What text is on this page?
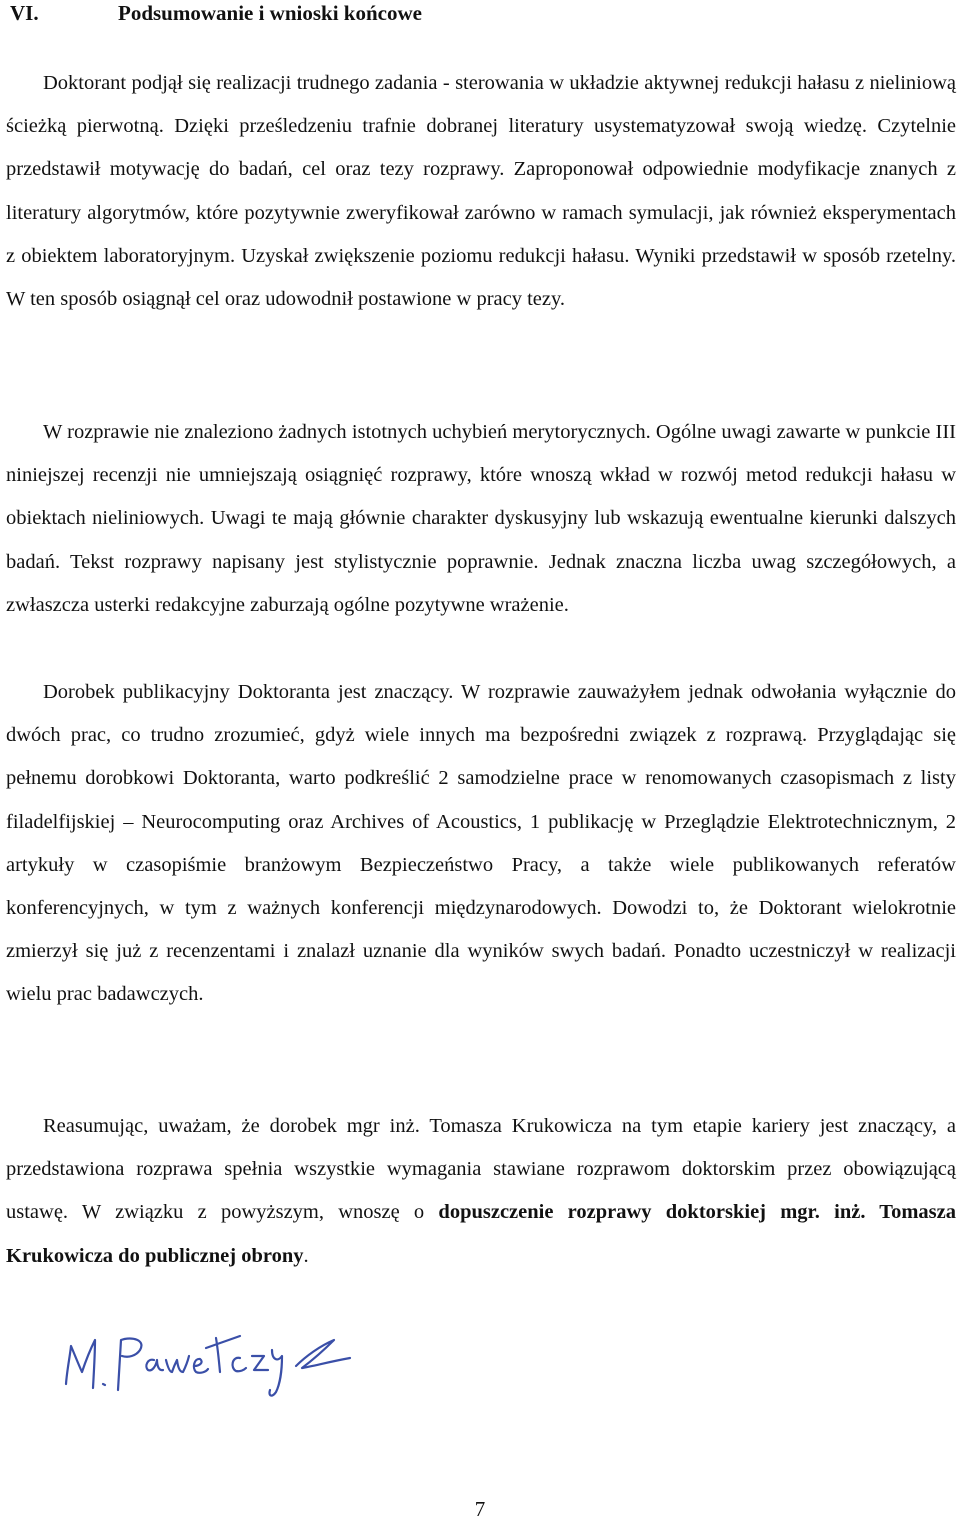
VI.	Podsumowanie i wnioski końcowe

Doktorant podjął się realizacji trudnego zadania - sterowania w układzie aktywnej redukcji hałasu z nieliniową ścieżką pierwotną. Dzięki prześledzeniu trafnie dobranej literatury usystematyzował swoją wiedzę. Czytelnie przedstawił motywację do badań, cel oraz tezy rozprawy. Zaproponował odpowiednie modyfikacje znanych z literatury algorytmów, które pozytywnie zweryfikował zarówno w ramach symulacji, jak również eksperymentach z obiektem laboratoryjnym. Uzyskał zwiększenie poziomu redukcji hałasu. Wyniki przedstawił w sposób rzetelny. W ten sposób osiągnął cel oraz udowodnił postawione w pracy tezy.

W rozprawie nie znaleziono żadnych istotnych uchybień merytorycznych. Ogólne uwagi zawarte w punkcie III niniejszej recenzji nie umniejszają osiągnięć rozprawy, które wnoszą wkład w rozwój metod redukcji hałasu w obiektach nieliniowych. Uwagi te mają głównie charakter dyskusyjny lub wskazują ewentualne kierunki dalszych badań. Tekst rozprawy napisany jest stylistycznie poprawnie. Jednak znaczna liczba uwag szczegółowych, a zwłaszcza usterki redakcyjne zaburzają ogólne pozytywne wrażenie.

Dorobek publikacyjny Doktoranta jest znaczący. W rozprawie zauważyłem jednak odwołania wyłącznie do dwóch prac, co trudno zrozumieć, gdyż wiele innych ma bezpośredni związek z rozprawą. Przyglądając się pełnemu dorobkowi Doktoranta, warto podkreślić 2 samodzielne prace w renomowanych czasopismach z listy filadelfijskiej – Neurocomputing oraz Archives of Acoustics, 1 publikację w Przeglądzie Elektrotechnicznym, 2 artykuły w czasopiśmie branżowym Bezpieczeństwo Pracy, a także wiele publikowanych referatów konferencyjnych, w tym z ważnych konferencji międzynarodowych. Dowodzi to, że Doktorant wielokrotnie zmierzył się już z recenzentami i znalazł uznanie dla wyników swych badań. Ponadto uczestniczył w realizacji wielu prac badawczych.

Reasumując, uważam, że dorobek mgr inż. Tomasza Krukowicza na tym etapie kariery jest znaczący, a przedstawiona rozprawa spełnia wszystkie wymagania stawiane rozprawom doktorskim przez obowiązującą ustawę. W związku z powyższym, wnoszę o dopuszczenie rozprawy doktorskiej mgr. inż. Tomasza Krukowicza do publicznej obrony.

7
